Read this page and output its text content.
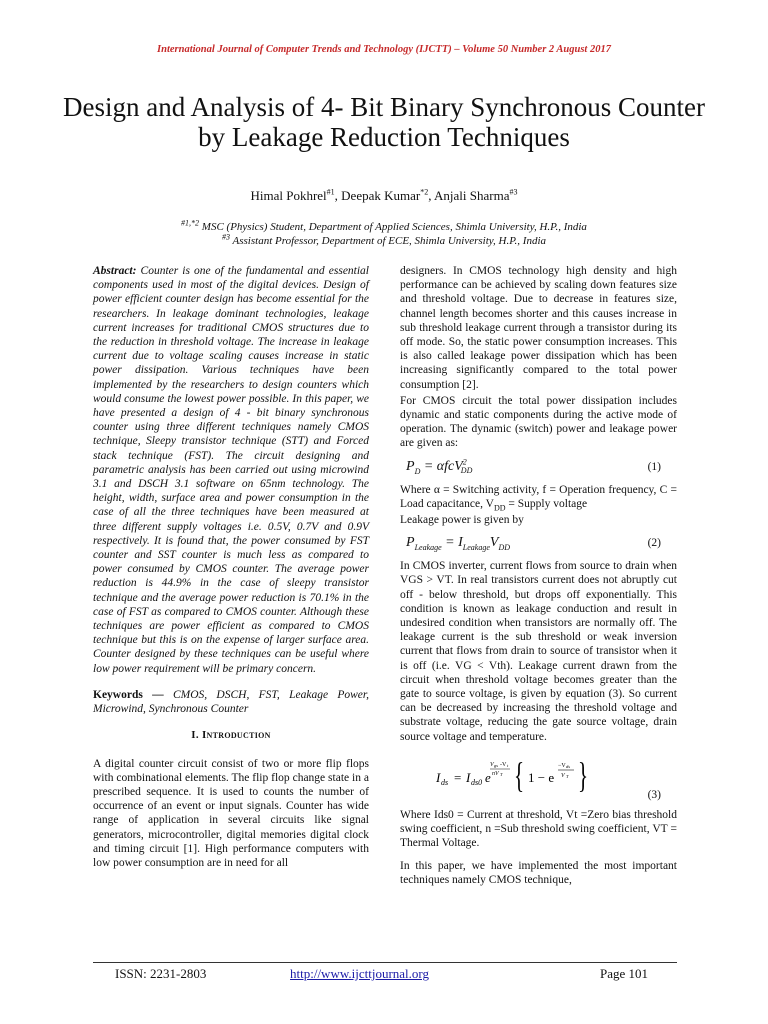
International Journal of Computer Trends and Technology (IJCTT) – Volume 50 Number 2 August 2017
Design and Analysis of 4- Bit Binary Synchronous Counter by Leakage Reduction Techniques
Himal Pokhrel$^{\#1}$, Deepak Kumar$^{*2}$, Anjali Sharma$^{\#3}$
$^{\#1,*2}$ MSC (Physics) Student, Department of Applied Sciences, Shimla University, H.P., India
$^{\#3}$ Assistant Professor, Department of ECE, Shimla University, H.P., India

Abstract: Counter is one of the fundamental and essential components used in most of the digital devices. Design of power efficient counter design has become essential for the researchers. In leakage dominant technologies, leakage current increases for traditional CMOS structures due to the reduction in threshold voltage. The increase in leakage current due to voltage scaling causes increase in static power dissipation. Various techniques have been implemented by the researchers to design counters which would consume the lowest power possible. In this paper, we have presented a design of 4 - bit binary synchronous counter using three different techniques namely CMOS technique, Sleepy transistor technique (STT) and Forced stack technique (FST). The circuit designing and parametric analysis has been carried out using microwind 3.1 and DSCH 3.1 software on 65nm technology. The height, width, surface area and power consumption in the case of all the three techniques have been measured at three different supply voltages i.e. 0.5V, 0.7V and 0.9V respectively. It is found that, the power consumed by FST counter and SST counter is much less as compared to power consumed by CMOS counter. The average power reduction is 44.9% in the case of sleepy transistor technique and the average power reduction is 70.1% in the case of FST as compared to CMOS counter. Although these techniques are power efficient as compared to CMOS technique but this is on the expense of larger surface area. Counter designed by these techniques can be useful where low power requirement will be primary concern.

Keywords — CMOS, DSCH, FST, Leakage Power, Microwind, Synchronous Counter

I. Introduction

A digital counter circuit consist of two or more flip flops with combinational elements. The flip flop change state in a prescribed sequence. It is used to counts the number of occurrence of an event or input signals. Counter has wide range of application in several circuits like signal generators, microcontroller, digital memories digital clock and timing circuit [1]. High performance computers with low power consumption are in need for all

designers. In CMOS technology high density and high performance can be achieved by scaling down features size and threshold voltage. Due to decrease in features size, channel length becomes shorter and this causes increase in sub threshold leakage current through a transistor during its off mode. So, the static power consumption increases. This is also called leakage power dissipation which has been increasing significantly compared to the total power consumption [2].

For CMOS circuit the total power dissipation includes dynamic and static components during the active mode of operation. The dynamic (switch) power and leakage power are given as:

$P_D = \alpha fcV^2_{DD}$	(1)

Where α = Switching activity, f = Operation frequency, C = Load capacitance, $V_{DD}$ = Supply voltage

Leakage power is given by

$P_{Leakage} = I_{Leakage}V_{DD}$	(2)

In CMOS inverter, current flows from source to drain when VGS > VT. In real transistors current does not abruptly cut off - below threshold, but drops off exponentially. This condition is known as leakage conduction and result in undesired condition when transistors are normally off. The leakage current is the sub threshold or weak inversion current that flows from drain to source of transistor when it is off (i.e. VG < Vth). Leakage current drawn from the circuit when threshold voltage becomes greater than the gate to source voltage, is given by equation (3). So current can be decreased by increasing the threshold voltage and substrate voltage, reducing the gate source voltage, drain source voltage and temperature.

I ds = I ds0 e
V gs -V t
nV T { 1 − e
−V ds
V T }	(3)

Where Ids0 = Current at threshold, Vt =Zero bias threshold swing coefficient, n =Sub threshold swing coefficient, VT = Thermal Voltage.

In this paper, we have implemented the most important techniques namely CMOS technique,

ISSN: 2231-2803	http://www.ijcttjournal.org	Page 101
